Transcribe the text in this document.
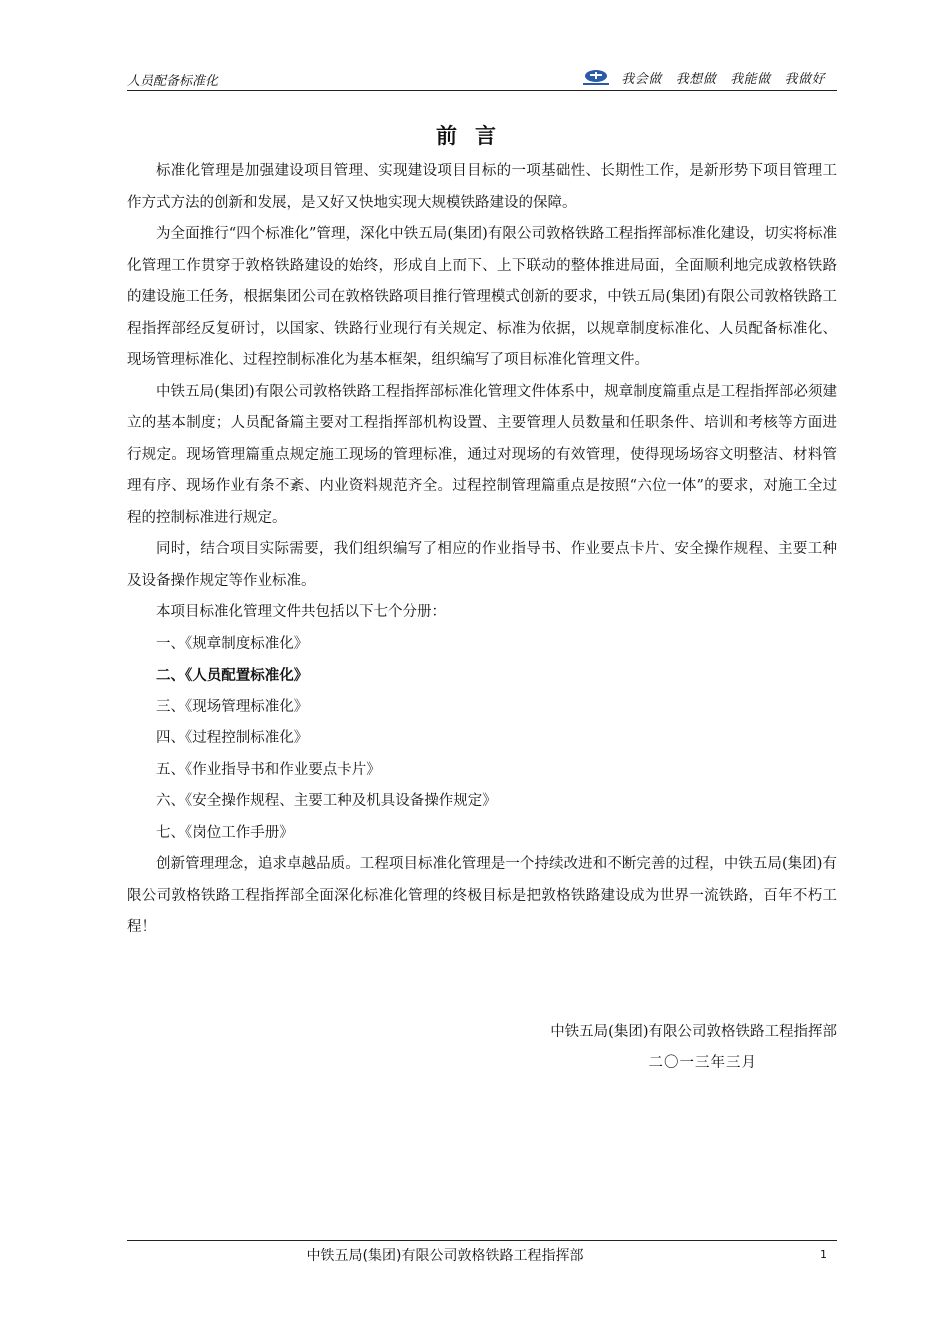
人员配备标准化	我会做   我想做   我能做   我做好
前言

标准化管理是加强建设项目管理、实现建设项目目标的一项基础性、长期性工作，是新形势下项目管理工作方式方法的创新和发展，是又好又快地实现大规模铁路建设的保障。

为全面推行“四个标准化”管理，深化中铁五局(集团)有限公司敦格铁路工程指挥部标准化建设，切实将标准化管理工作贯穿于敦格铁路建设的始终，形成自上而下、上下联动的整体推进局面，全面顺利地完成敦格铁路的建设施工任务，根据集团公司在敦格铁路项目推行管理模式创新的要求，中铁五局(集团)有限公司敦格铁路工程指挥部经反复研讨，以国家、铁路行业现行有关规定、标准为依据，以规章制度标准化、人员配备标准化、现场管理标准化、过程控制标准化为基本框架，组织编写了项目标准化管理文件。

中铁五局(集团)有限公司敦格铁路工程指挥部标准化管理文件体系中，规章制度篇重点是工程指挥部必须建立的基本制度；人员配备篇主要对工程指挥部机构设置、主要管理人员数量和任职条件、培训和考核等方面进行规定。现场管理篇重点规定施工现场的管理标准，通过对现场的有效管理，使得现场场容文明整洁、材料管理有序、现场作业有条不紊、内业资料规范齐全。过程控制管理篇重点是按照“六位一体”的要求，对施工全过程的控制标准进行规定。

同时，结合项目实际需要，我们组织编写了相应的作业指导书、作业要点卡片、安全操作规程、主要工种及设备操作规定等作业标准。

本项目标准化管理文件共包括以下七个分册：

一、《规章制度标准化》

二、《人员配置标准化》

三、《现场管理标准化》

四、《过程控制标准化》

五、《作业指导书和作业要点卡片》

六、《安全操作规程、主要工种及机具设备操作规定》

七、《岗位工作手册》

创新管理理念，追求卓越品质。工程项目标准化管理是一个持续改进和不断完善的过程，中铁五局(集团)有限公司敦格铁路工程指挥部全面深化标准化管理的终极目标是把敦格铁路建设成为世界一流铁路，百年不朽工程！

中铁五局(集团)有限公司敦格铁路工程指挥部
二〇一三年三月
中铁五局(集团)有限公司敦格铁路工程指挥部	1
